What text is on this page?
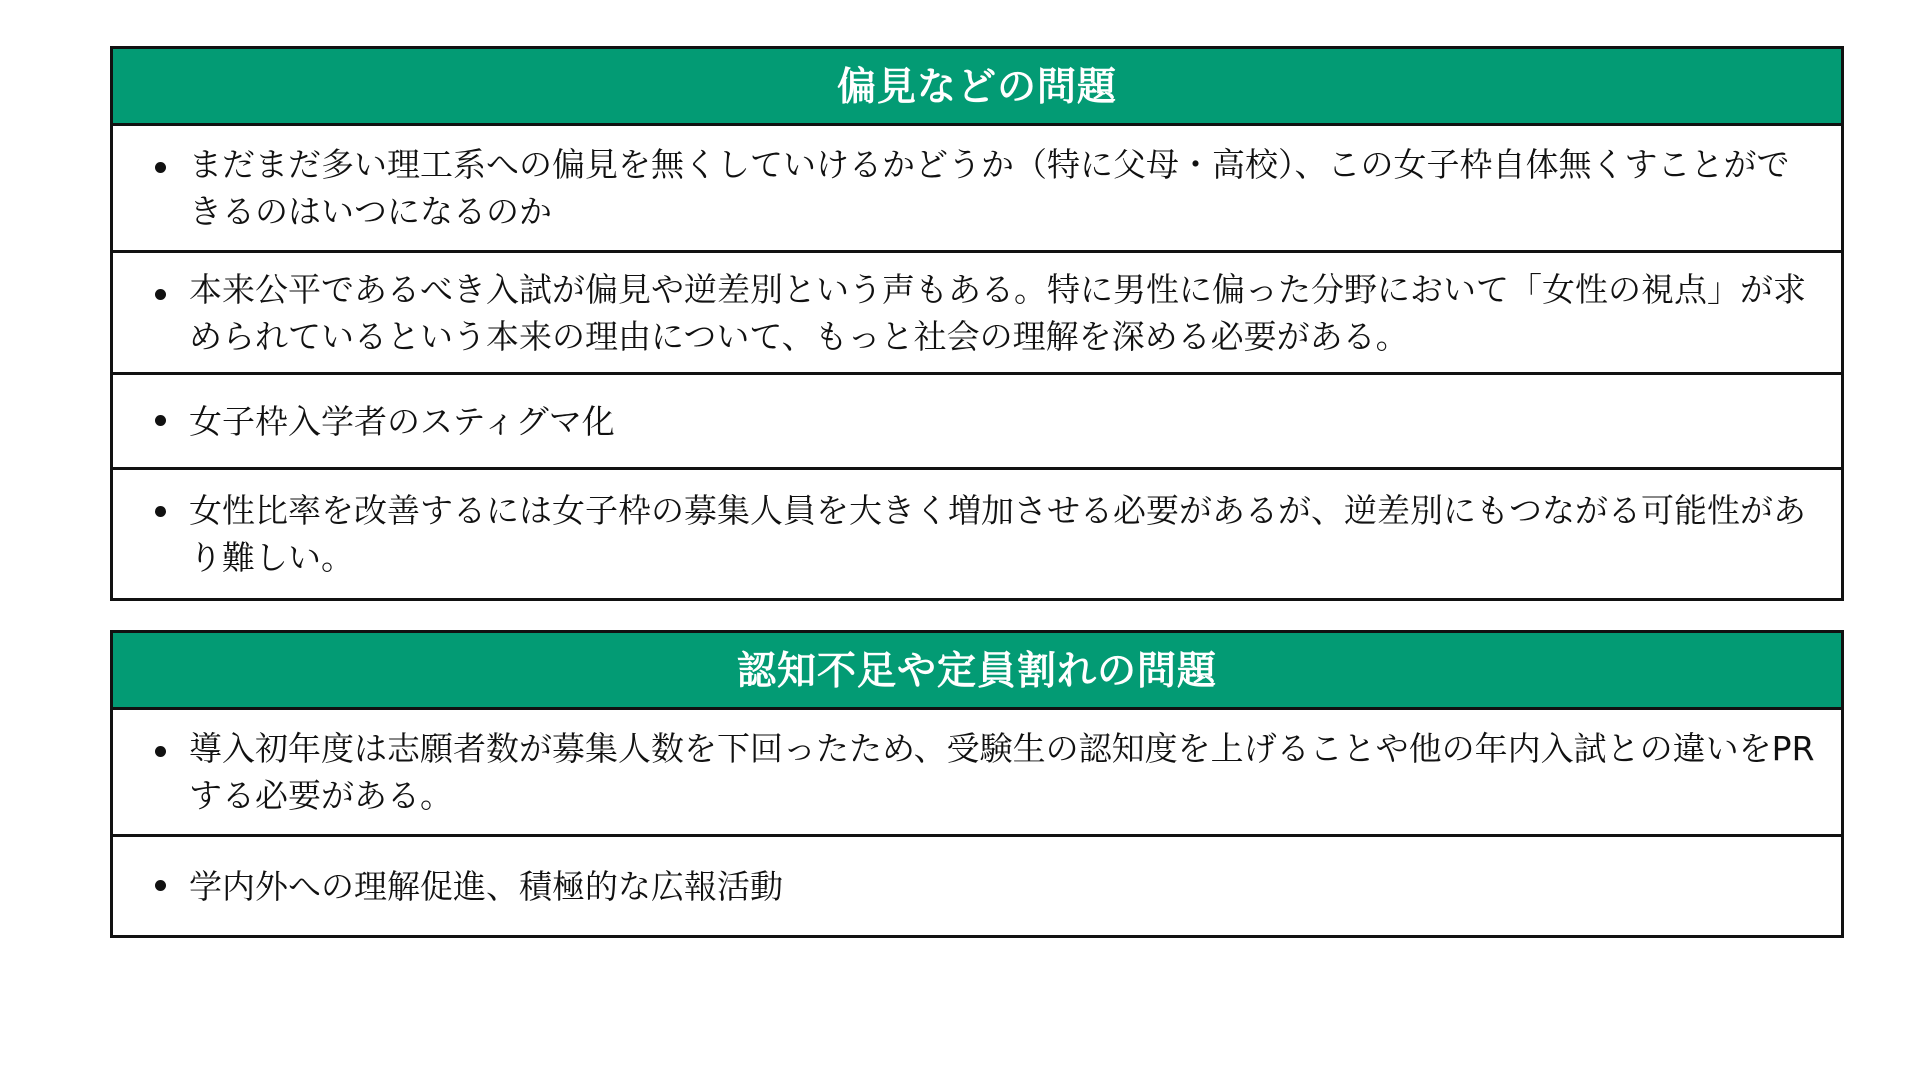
偏見などの問題
まだまだ多い理工系への偏見を無くしていけるかどうか（特に父母・高校）、この女子枠自体無くすことができるのはいつになるのか
本来公平であるべき入試が偏見や逆差別という声もある。特に男性に偏った分野において「女性の視点」が求められているという本来の理由について、もっと社会の理解を深める必要がある。
女子枠入学者のスティグマ化
女性比率を改善するには女子枠の募集人員を大きく増加させる必要があるが、逆差別にもつながる可能性があり難しい。
認知不足や定員割れの問題
導入初年度は志願者数が募集人数を下回ったため、受験生の認知度を上げることや他の年内入試との違いをPRする必要がある。
学内外への理解促進、積極的な広報活動
